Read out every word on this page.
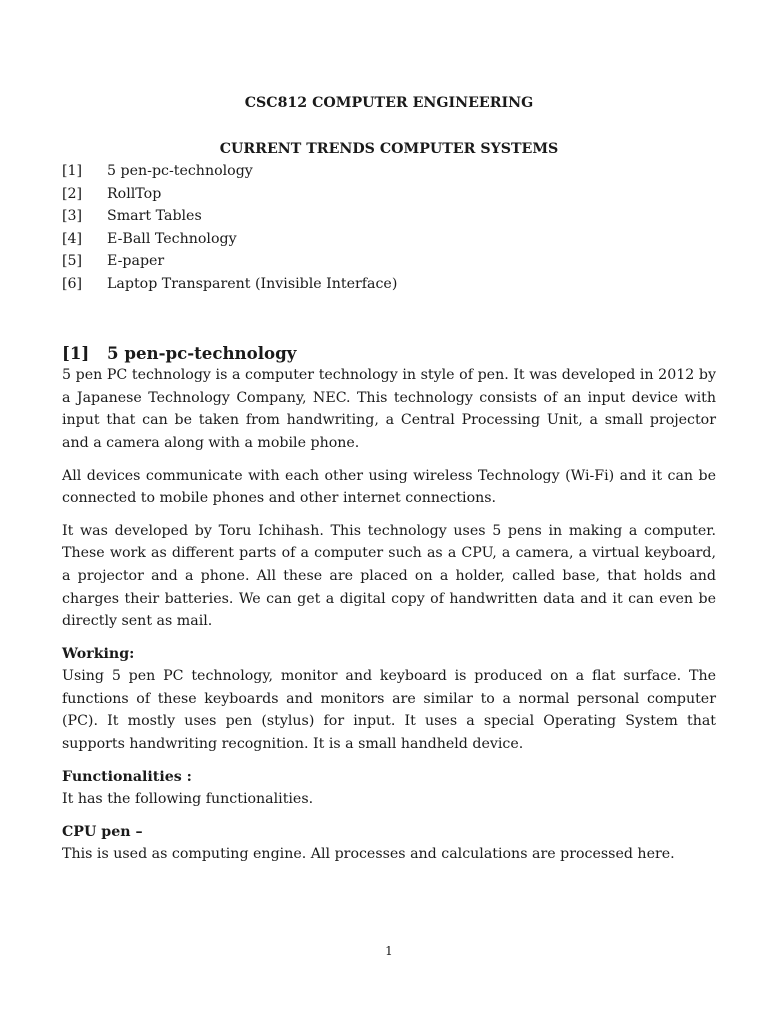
CSC812 COMPUTER ENGINEERING
CURRENT TRENDS COMPUTER SYSTEMS
[1]	5 pen-pc-technology
[2]	RollTop
[3]	Smart Tables
[4]	E-Ball Technology
[5]	E-paper
[6]	Laptop Transparent (Invisible Interface)
[1]	5 pen-pc-technology

5 pen PC technology is a computer technology in style of pen. It was developed in 2012 by a Japanese Technology Company, NEC. This technology consists of an input device with input that can be taken from handwriting, a Central Processing Unit, a small projector and a camera along with a mobile phone.

All devices communicate with each other using wireless Technology (Wi-Fi) and it can be connected to mobile phones and other internet connections.

It was developed by Toru Ichihash. This technology uses 5 pens in making a computer. These work as different parts of a computer such as a CPU, a camera, a virtual keyboard, a projector and a phone. All these are placed on a holder, called base, that holds and charges their batteries. We can get a digital copy of handwritten data and it can even be directly sent as mail.

Working:

Using 5 pen PC technology, monitor and keyboard is produced on a flat surface. The functions of these keyboards and monitors are similar to a normal personal computer (PC). It mostly uses pen (stylus) for input. It uses a special Operating System that supports handwriting recognition. It is a small handheld device.

Functionalities :

It has the following functionalities.

CPU pen –

This is used as computing engine. All processes and calculations are processed here.

1
